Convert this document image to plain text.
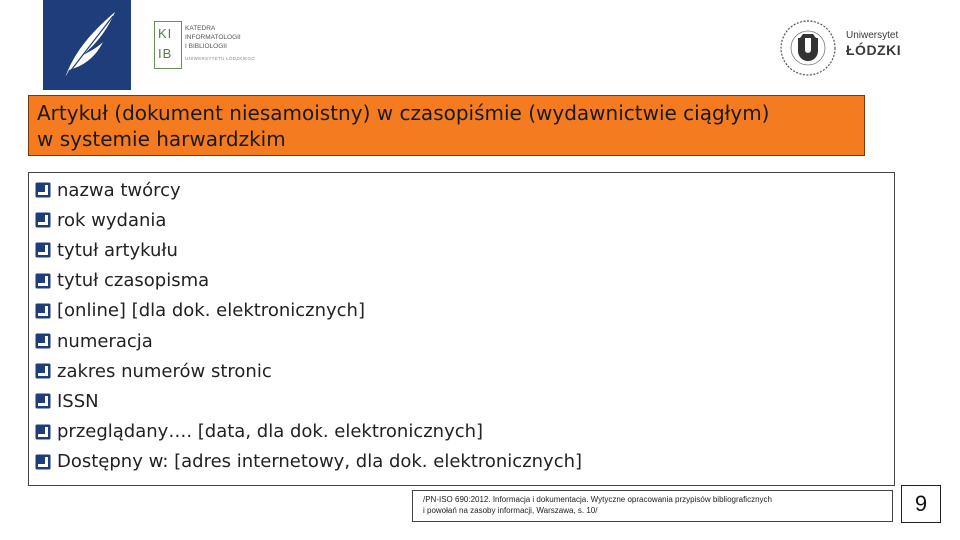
KI
IB
KATEDRA
INFORMATOLOGII
I BIBLIOLOGII
UNIWERSYTETU ŁÓDZKIEGO
Uniwersytet
ŁÓDZKI
Artykuł (dokument niesamoistny) w czasopiśmie (wydawnictwie ciągłym)
w systemie harwardzkim
nazwa twórcy
rok wydania
tytuł artykułu
tytuł czasopisma
[online] [dla dok. elektronicznych]
numeracja
zakres numerów stronic
ISSN
przeglądany…. [data, dla dok. elektronicznych]
Dostępny w: [adres internetowy, dla dok. elektronicznych]
/PN-ISO 690:2012. Informacja i dokumentacja. Wytyczne opracowania przypisów bibliograficznych
i powołań na zasoby informacji, Warszawa, s. 10/	9
